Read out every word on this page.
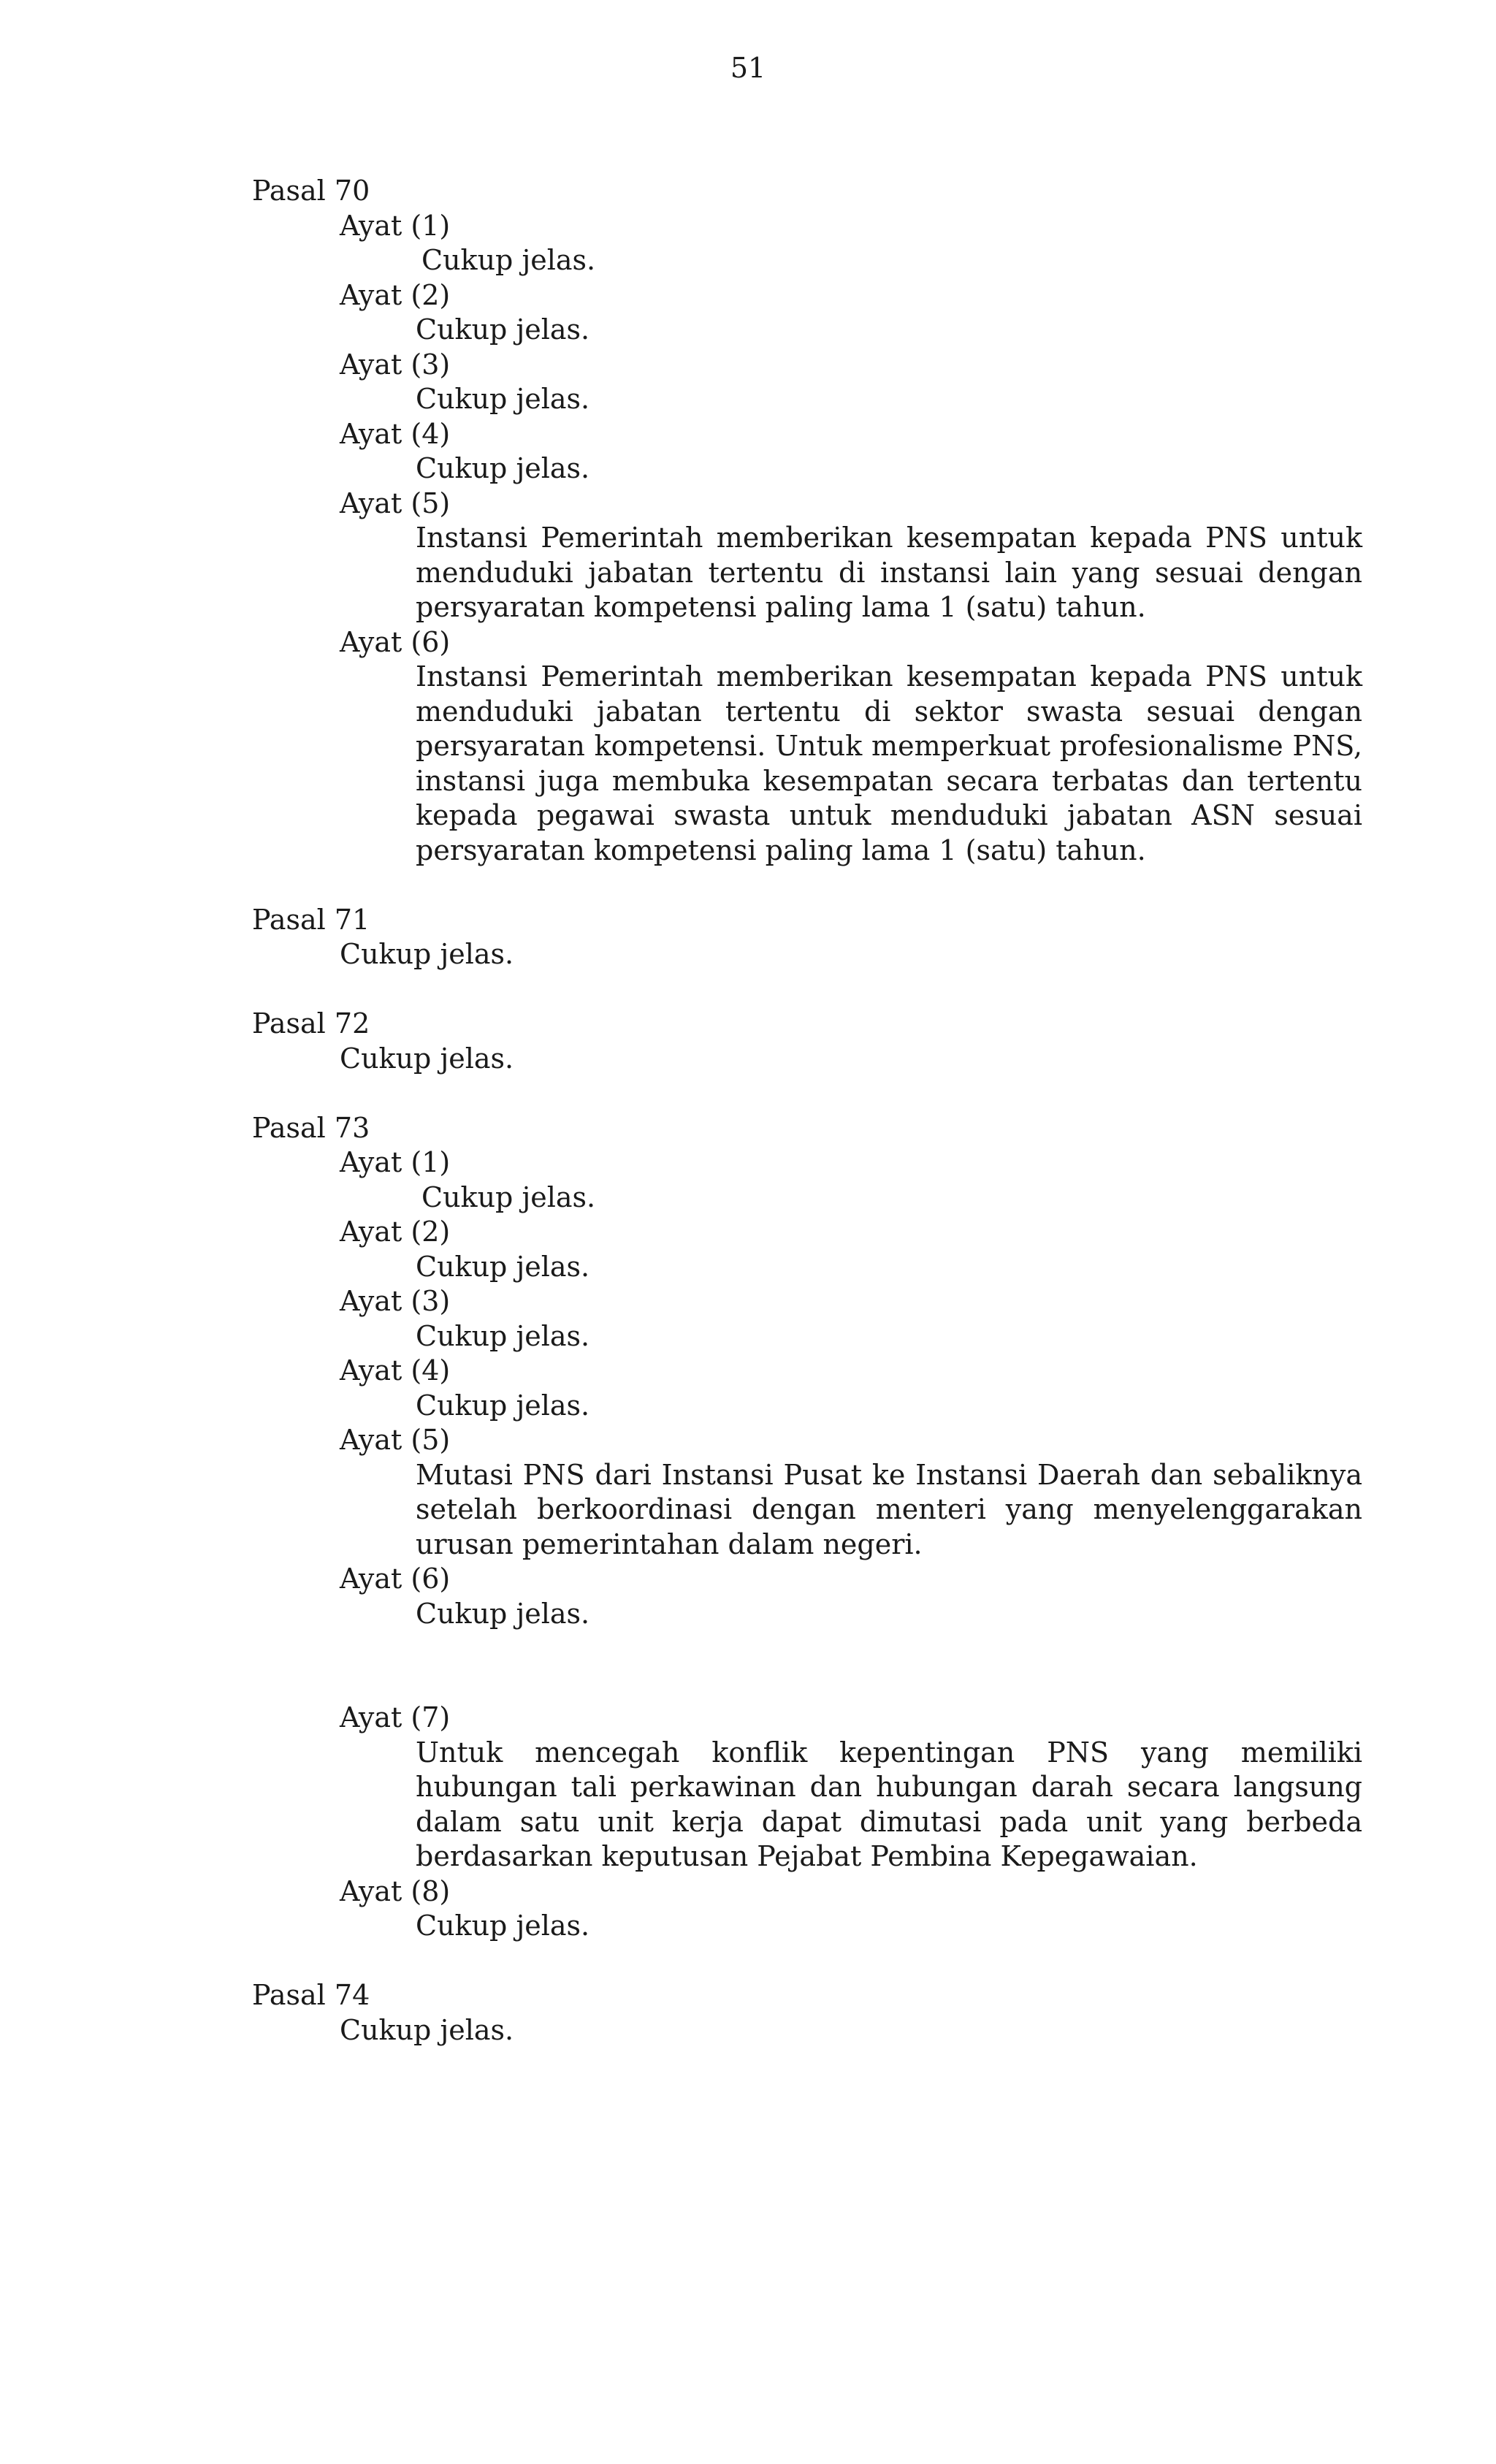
51

Pasal 70

Ayat (1)

Cukup jelas.

Ayat (2)

Cukup jelas.

Ayat (3)

Cukup jelas.

Ayat (4)

Cukup jelas.

Ayat (5)

Instansi Pemerintah memberikan kesempatan kepada PNS untuk menduduki jabatan tertentu di instansi lain yang sesuai dengan persyaratan kompetensi paling lama 1 (satu) tahun.

Ayat (6)

Instansi Pemerintah memberikan kesempatan kepada PNS untuk menduduki jabatan tertentu di sektor swasta sesuai dengan persyaratan kompetensi. Untuk memperkuat profesionalisme PNS, instansi juga membuka kesempatan secara terbatas dan tertentu kepada pegawai swasta untuk menduduki jabatan ASN sesuai persyaratan kompetensi paling lama 1 (satu) tahun.

Pasal 71

Cukup jelas.

Pasal 72

Cukup jelas.

Pasal 73

Ayat (1)

Cukup jelas.

Ayat (2)

Cukup jelas.

Ayat (3)

Cukup jelas.

Ayat (4)

Cukup jelas.

Ayat (5)

Mutasi PNS dari Instansi Pusat ke Instansi Daerah dan sebaliknya setelah berkoordinasi dengan menteri yang menyelenggarakan urusan pemerintahan dalam negeri.

Ayat (6)

Cukup jelas.

Ayat (7)

Untuk mencegah konflik kepentingan PNS yang memiliki hubungan tali perkawinan dan hubungan darah secara langsung dalam satu unit kerja dapat dimutasi pada unit yang berbeda berdasarkan keputusan Pejabat Pembina Kepegawaian.

Ayat (8)

Cukup jelas.

Pasal 74

Cukup jelas.
